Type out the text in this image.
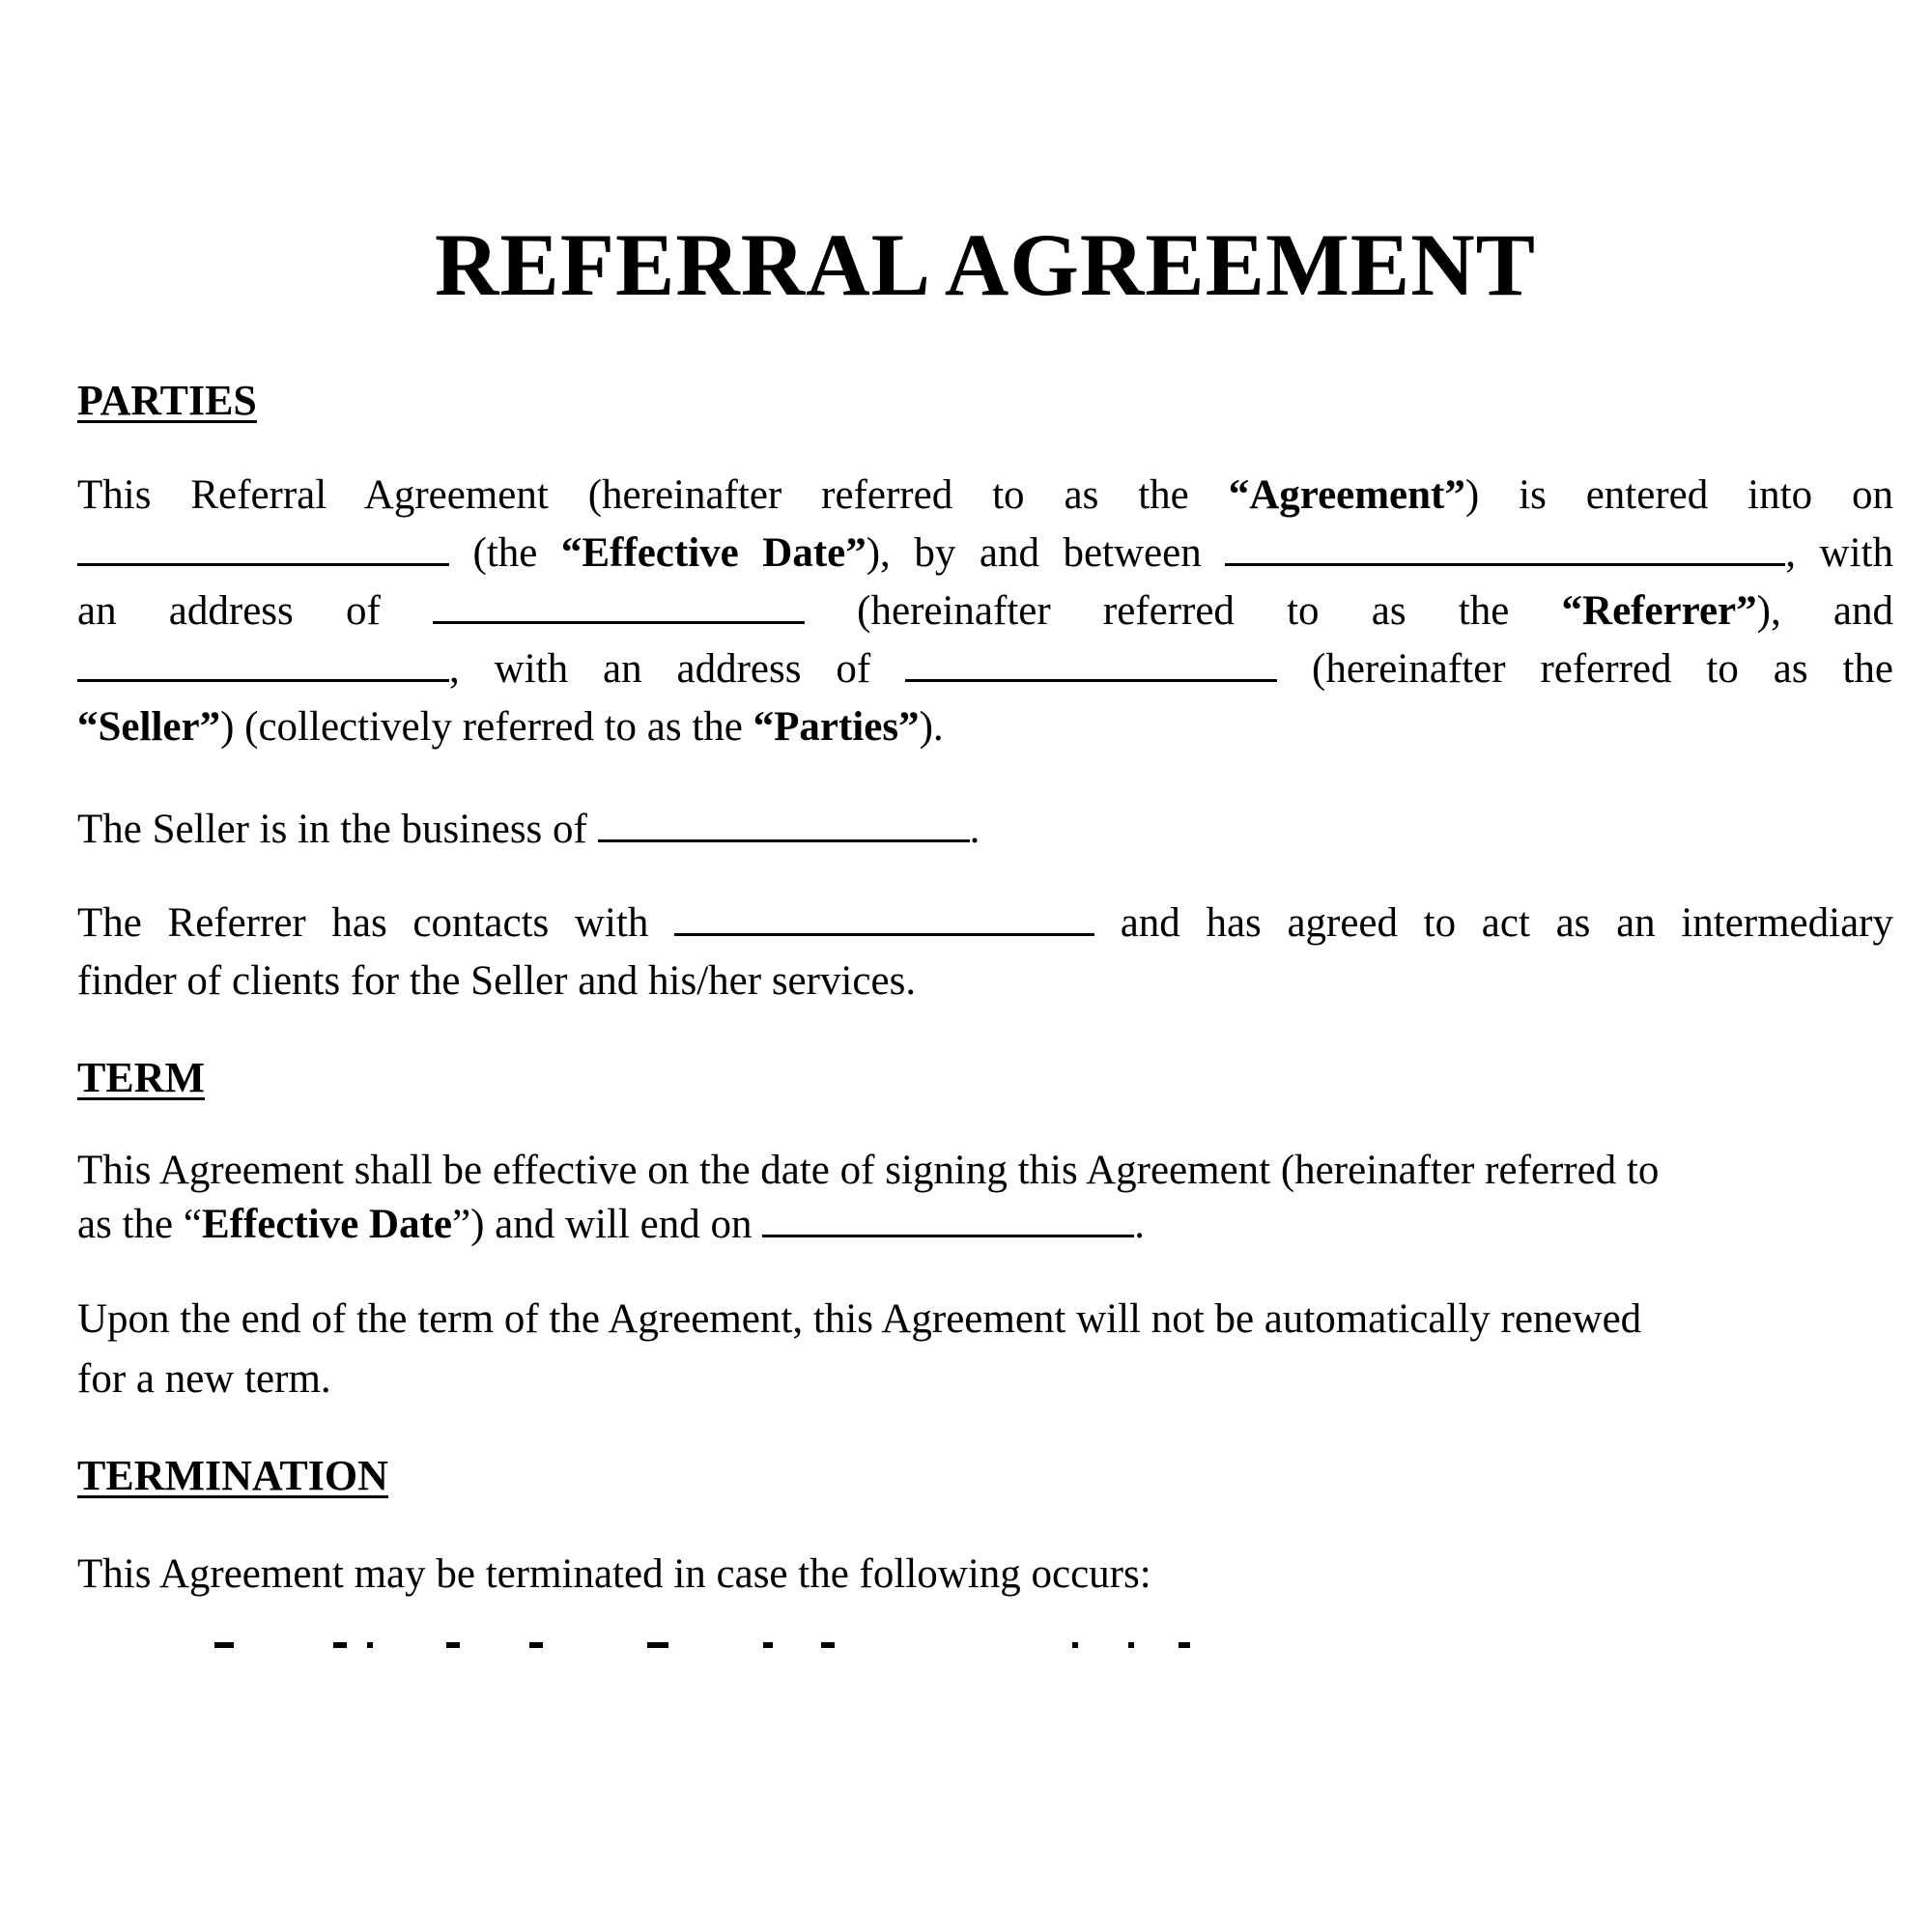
REFERRAL AGREEMENT
PARTIES
This Referral Agreement (hereinafter referred to as the “Agreement”) is entered into on
(the “Effective Date”), by and between	, with
an address of	(hereinafter referred to as the “Referrer”), and
, with an address of	(hereinafter referred to as the
“Seller”) (collectively referred to as the “Parties”).
The Seller is in the business of	.
The Referrer has contacts with	and has agreed to act as an intermediary
finder of clients for the Seller and his/her services.
TERM
This Agreement shall be effective on the date of signing this Agreement (hereinafter referred to
as the “Effective Date”) and will end on	.
Upon the end of the term of the Agreement, this Agreement will not be automatically renewed
for a new term.
TERMINATION
This Agreement may be terminated in case the following occurs:
